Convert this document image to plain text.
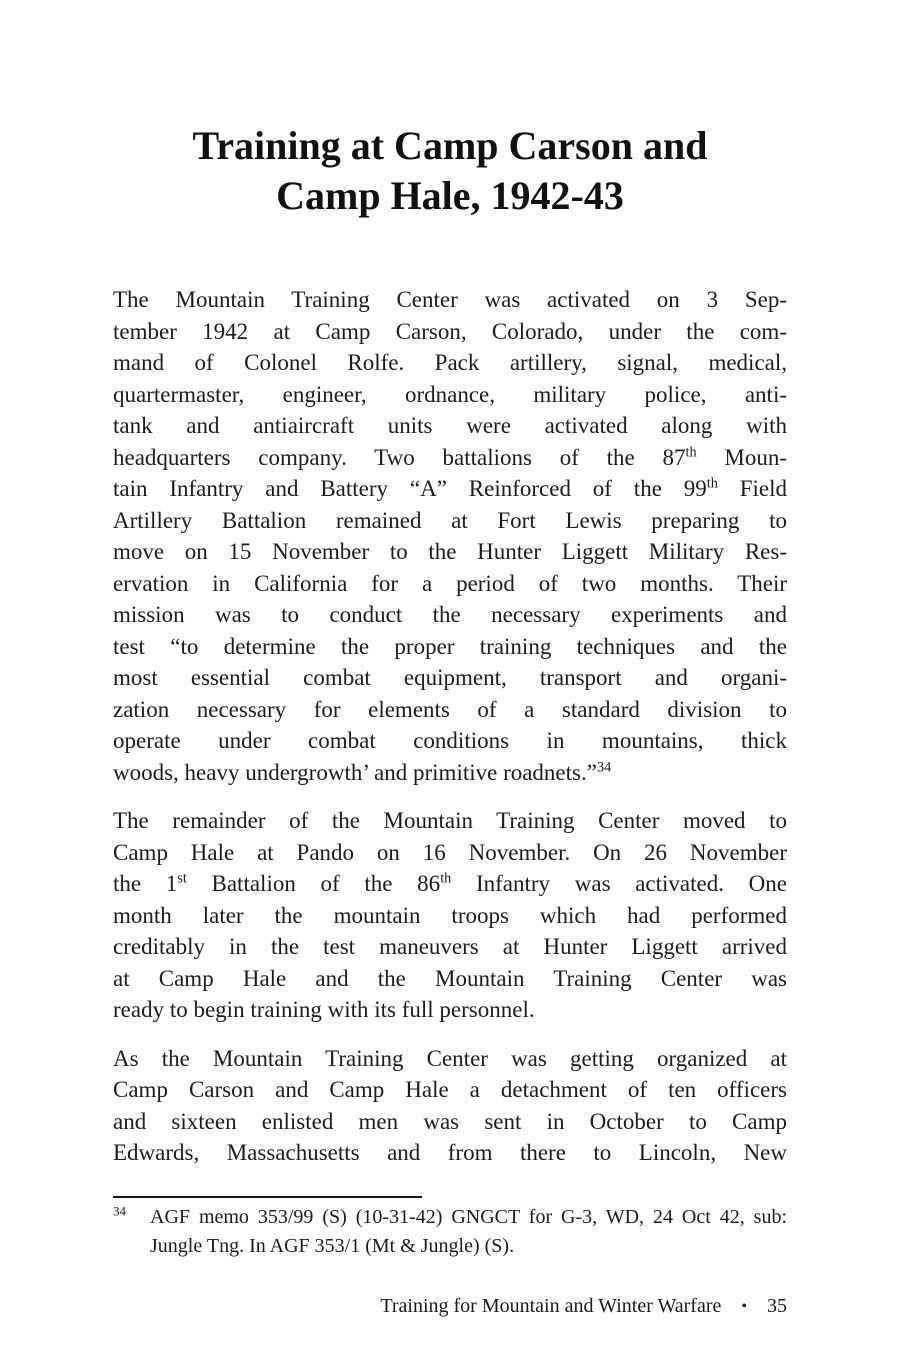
Training at Camp Carson and
Camp Hale, 1942-43
The Mountain Training Center was activated on 3 Sep-
tember 1942 at Camp Carson, Colorado, under the com-
mand of Colonel Rolfe. Pack artillery, signal, medical,
quartermaster, engineer, ordnance, military police, anti-
tank and antiaircraft units were activated along with
headquarters company. Two battalions of the 87th Moun-
tain Infantry and Battery “A” Reinforced of the 99th Field
Artillery Battalion remained at Fort Lewis preparing to
move on 15 November to the Hunter Liggett Military Res-
ervation in California for a period of two months. Their
mission was to conduct the necessary experiments and
test “to determine the proper training techniques and the
most essential combat equipment, transport and organi-
zation necessary for elements of a standard division to
operate under combat conditions in mountains, thick
woods, heavy undergrowth’ and primitive roadnets.”$^{34}$
The remainder of the Mountain Training Center moved to
Camp Hale at Pando on 16 November. On 26 November
the 1st Battalion of the 86th Infantry was activated. One
month later the mountain troops which had performed
creditably in the test maneuvers at Hunter Liggett arrived
at Camp Hale and the Mountain Training Center was
ready to begin training with its full personnel.
As the Mountain Training Center was getting organized at
Camp Carson and Camp Hale a detachment of ten officers
and sixteen enlisted men was sent in October to Camp
Edwards, Massachusetts and from there to Lincoln, New
$^{34}$ AGF memo 353/99 (S) (10-31-42) GNGCT for G-3, WD, 24 Oct 42, sub:
Jungle Tng. In AGF 353/1 (Mt & Jungle) (S).
Training for Mountain and Winter Warfare • 35
